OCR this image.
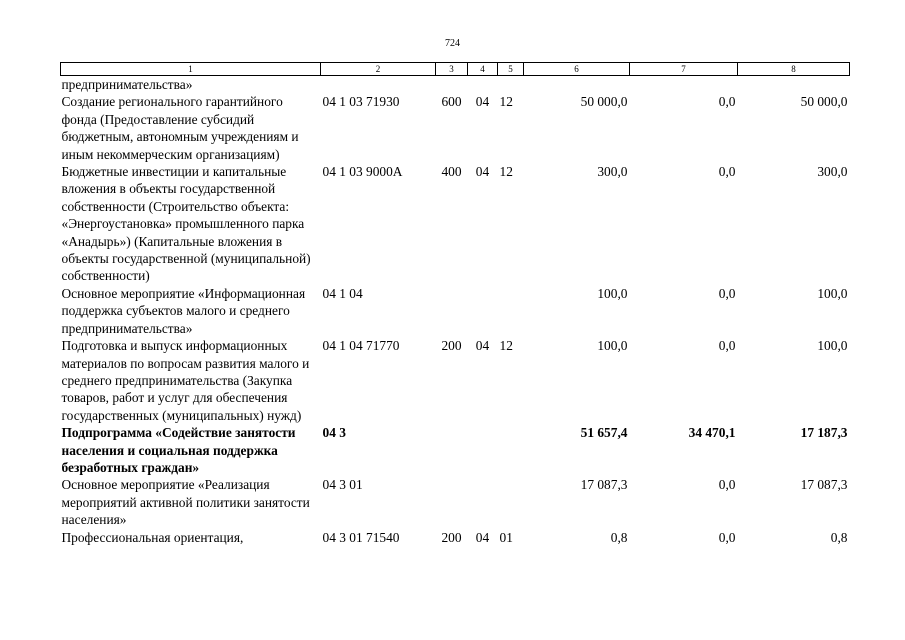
724
1	2	3	4	5	6	7	8
предпринимательства»							
Создание регионального гарантийного фонда (Предоставление субсидий бюджетным, автономным учреждениям и иным некоммерческим организациям)	04 1 03 71930	600	04	12	50 000,0	0,0	50 000,0
Бюджетные инвестиции и капитальные вложения в объекты государственной собственности (Строительство объекта: «Энергоустановка» промышленного парка «Анадырь») (Капитальные вложения в объекты государственной (муниципальной) собственности)	04 1 03 9000А	400	04	12	300,0	0,0	300,0
Основное мероприятие «Информационная поддержка субъектов малого и среднего предпринимательства»	04 1 04				100,0	0,0	100,0
Подготовка и выпуск информационных материалов по вопросам развития малого и среднего предпринимательства (Закупка товаров, работ и услуг для обеспечения государственных (муниципальных) нужд)	04 1 04 71770	200	04	12	100,0	0,0	100,0
Подпрограмма «Содействие занятости населения и социальная поддержка безработных граждан»	04 3				51 657,4	34 470,1	17 187,3
Основное мероприятие «Реализация мероприятий активной политики занятости населения»	04 3 01				17 087,3	0,0	17 087,3
Профессиональная ориентация,	04 3 01 71540	200	04	01	0,8	0,0	0,8
